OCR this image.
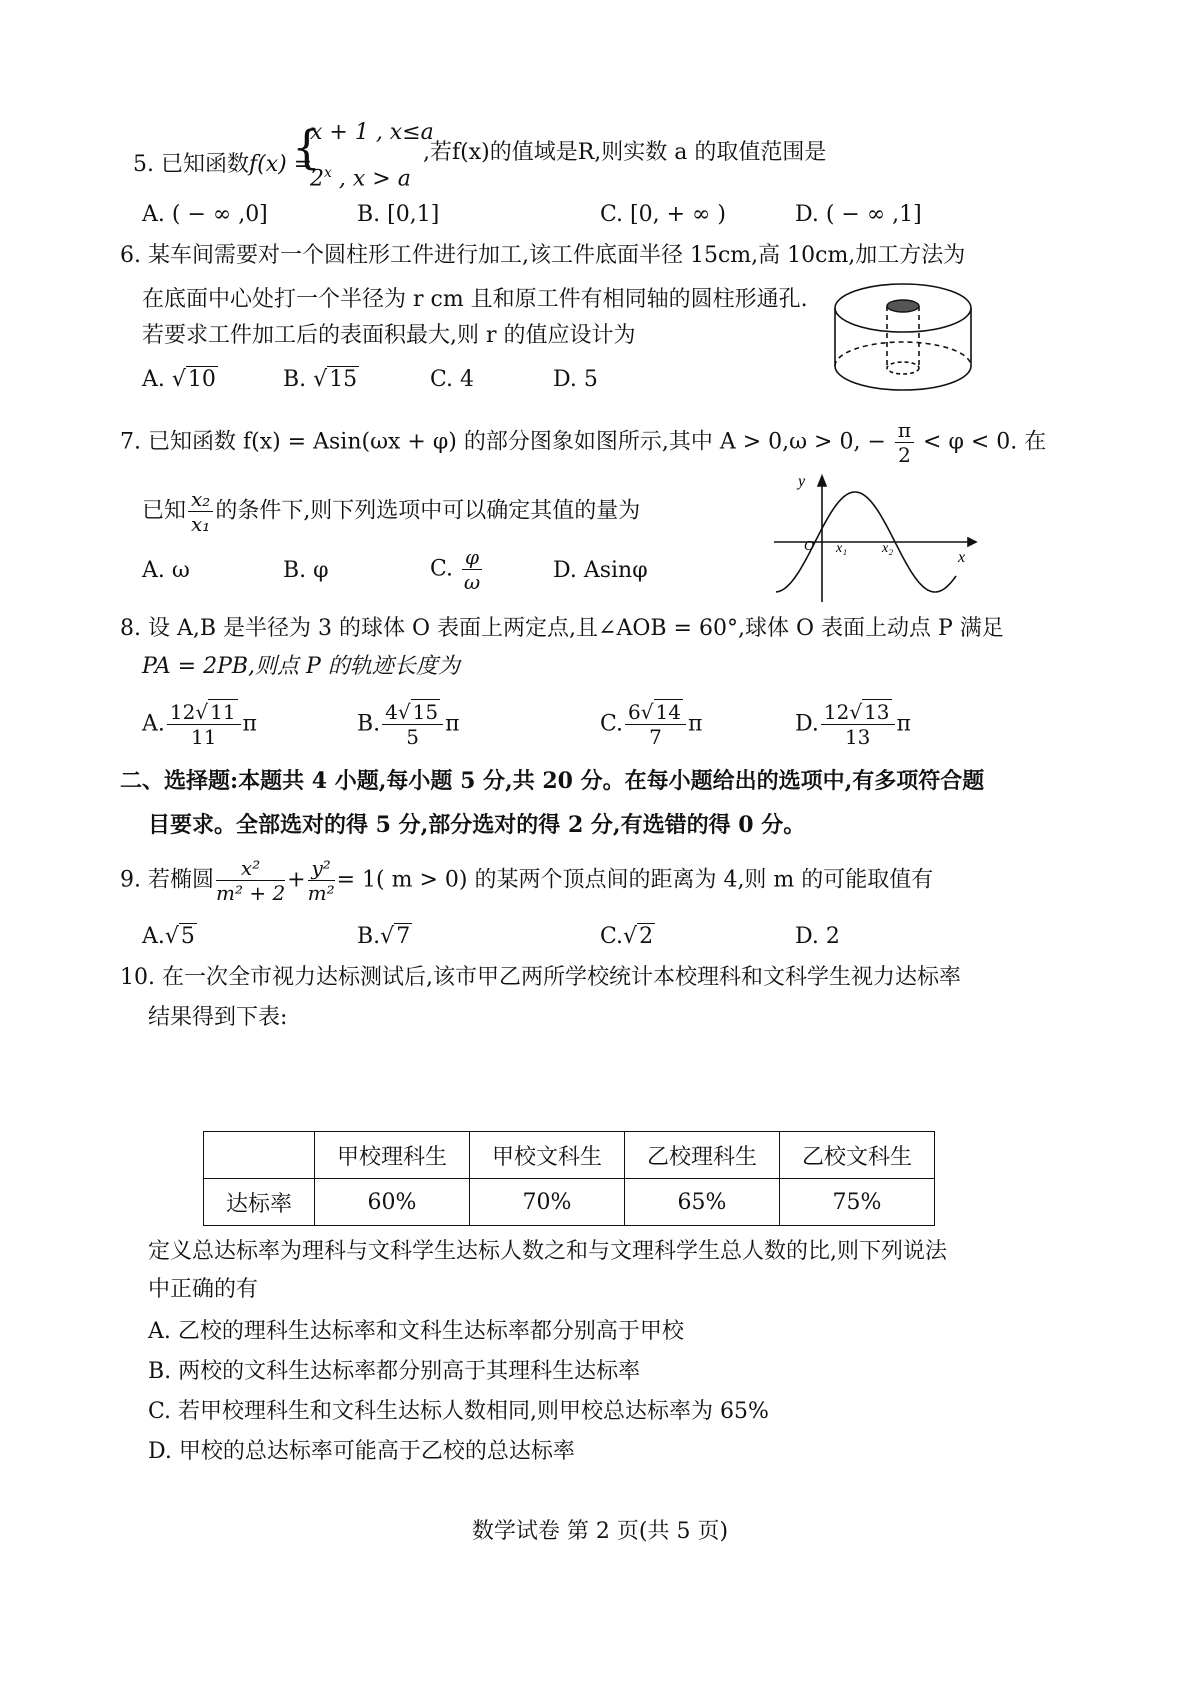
5. 已知函数f(x) =
{
x + 1 , x≤a
2$^x$ , x > a
,若f(x)的值域是R,则实数 a 的取值范围是
A. ( − ∞ ,0]	B. [0,1]	C. [0, + ∞ )	D. ( − ∞ ,1]
6. 某车间需要对一个圆柱形工件进行加工,该工件底面半径 15cm,高 10cm,加工方法为
在底面中心处打一个半径为 r cm 且和原工件有相同轴的圆柱形通孔.
若要求工件加工后的表面积最大,则 r 的值应设计为
A. √10	B. √15	C. 4	D. 5
7. 已知函数 f(x) = Asin(ωx + φ) 的部分图象如图所示,其中 A > 0,ω > 0, − $\frac{\pi}{2} < \varphi < 0$. 在
已知 $\frac{\text{x₂}}{\text{x₁}}$ 的条件下,则下列选项中可以确定其值的量为
A. ω	B. φ	C. $\frac{\varphi}{\omega}$	D. Asinφ
y
x
O x₁ x₂
8. 设 A,B 是半径为 3 的球体 O 表面上两定点,且∠AOB = 60°,球体 O 表面上动点 P 满足
PA = 2PB,则点 P 的轨迹长度为
A. $\frac{12√ 11}{11}$ π	B. $\frac{4√ 15}{5}$ π	C. $\frac{6√ 14}{7}$ π	D. $\frac{12√ 13}{13}$ π
二、选择题:本题共 4 小题,每小题 5 分,共 20 分。在每小题给出的选项中,有多项符合题
目要求。全部选对的得 5 分,部分选对的得 2 分,有选错的得 0 分。
9. 若椭圆 $\frac{\text{x²}}{\text{m² + 2}} + \frac{\text{y²}}{\text{m²}} = 1$( m > 0) 的某两个顶点间的距离为 4,则 m 的可能取值有
A.√5	B.√7	C.√2	D. 2
10. 在一次全市视力达标测试后,该市甲乙两所学校统计本校理科和文科学生视力达标率
结果得到下表:
	甲校理科生	甲校文科生	乙校理科生	乙校文科生
达标率	60%	70%	65%	75%
定义总达标率为理科与文科学生达标人数之和与文理科学生总人数的比,则下列说法
中正确的有
A. 乙校的理科生达标率和文科生达标率都分别高于甲校
B. 两校的文科生达标率都分别高于其理科生达标率
C. 若甲校理科生和文科生达标人数相同,则甲校总达标率为 65%
D. 甲校的总达标率可能高于乙校的总达标率
数学试卷 第 2 页(共 5 页)
